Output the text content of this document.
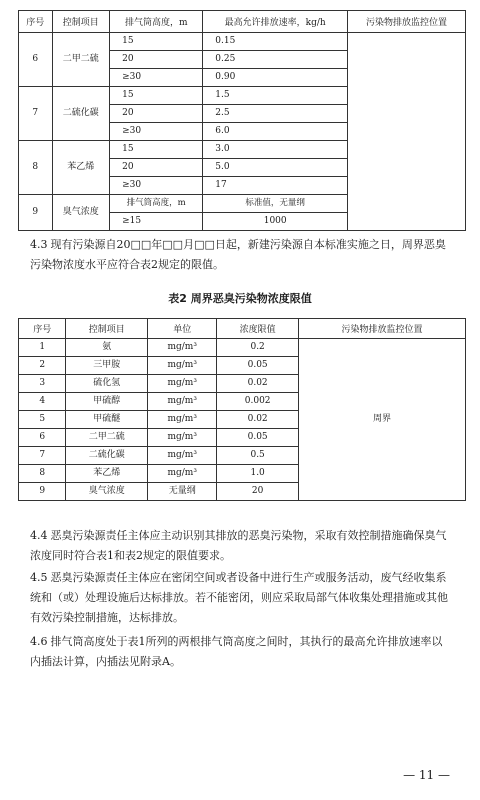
序号	控制项目	排气筒高度，m	最高允许排放速率，kg/h	污染物排放监控位置
6	二甲二硫	15	0.15	
		20	0.25	
		≥30	0.90	
7	二硫化碳	15	1.5	
		20	2.5	
		≥30	6.0	
8	苯乙烯	15	3.0	
		20	5.0	
		≥30	17	
9	臭气浓度	排气筒高度，m	标准值，无量纲	
		≥15	1000	
4.3 现有污染源自20□□年□□月□□日起，新建污染源自本标准实施之日，周界恶臭污染物浓度水平应符合表2规定的限值。
表2 周界恶臭污染物浓度限值
序号	控制项目	单位	浓度限值	污染物排放监控位置
1	氨	mg/m³	0.2	周界
2	三甲胺	mg/m³	0.05	
3	硫化氢	mg/m³	0.02	
4	甲硫醇	mg/m³	0.002	
5	甲硫醚	mg/m³	0.02	
6	二甲二硫	mg/m³	0.05	
7	二硫化碳	mg/m³	0.5	
8	苯乙烯	mg/m³	1.0	
9	臭气浓度	无量纲	20	
4.4 恶臭污染源责任主体应主动识别其排放的恶臭污染物，采取有效控制措施确保臭气浓度同时符合表1和表2规定的限值要求。
4.5 恶臭污染源责任主体应在密闭空间或者设备中进行生产或服务活动，废气经收集系统和（或）处理设施后达标排放。若不能密闭，则应采取局部气体收集处理措施或其他有效污染控制措施，达标排放。
4.6 排气筒高度处于表1所列的两根排气筒高度之间时，其执行的最高允许排放速率以内插法计算，内插法见附录A。
— 11 —
